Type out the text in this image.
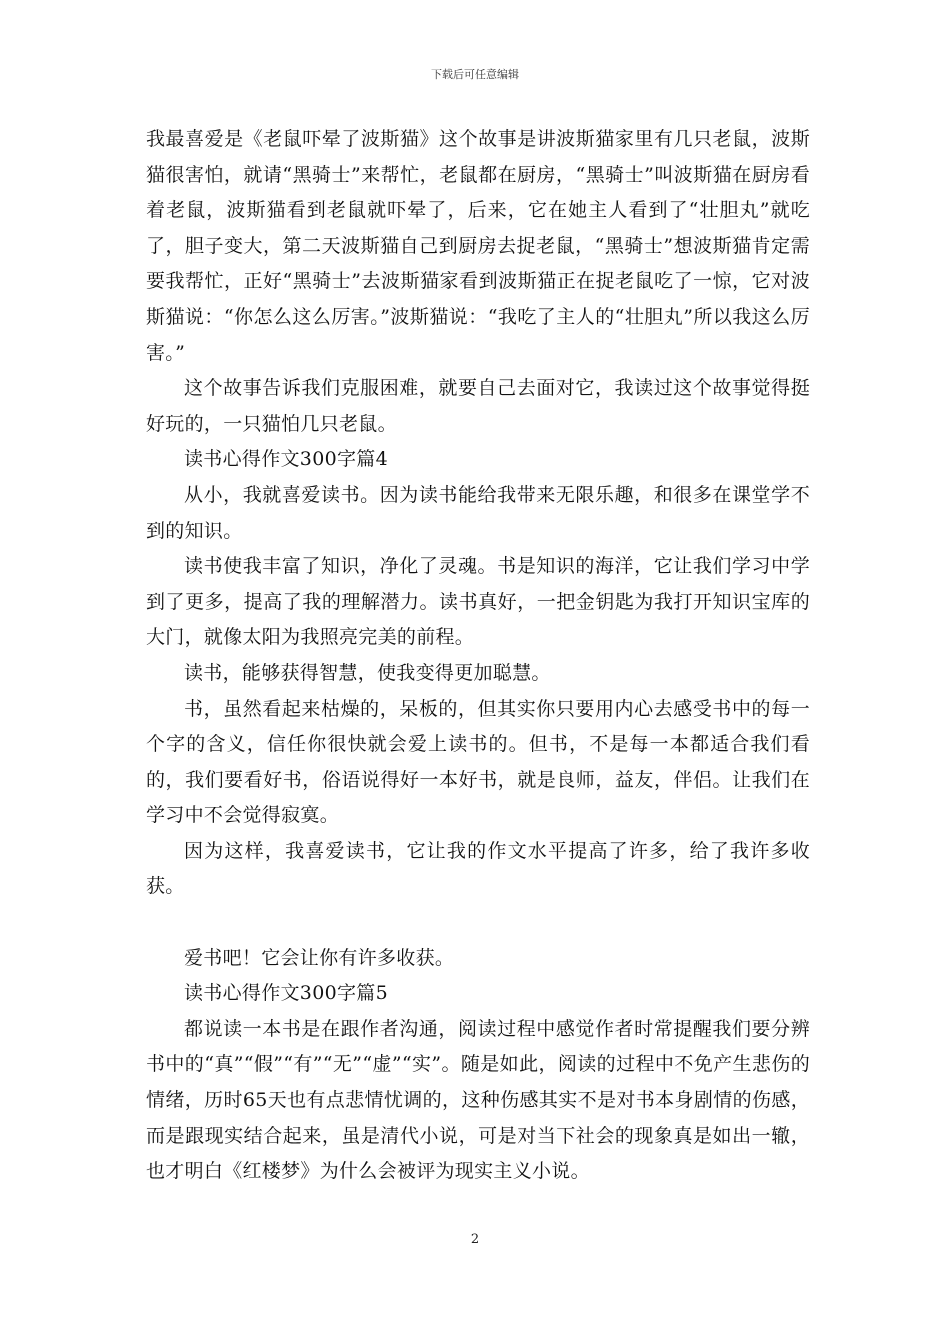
下载后可任意编辑

我最喜爱是《老鼠吓晕了波斯猫》这个故事是讲波斯猫家里有几只老鼠，波斯猫很害怕，就请“黑骑士”来帮忙，老鼠都在厨房，“黑骑士”叫波斯猫在厨房看着老鼠，波斯猫看到老鼠就吓晕了，后来，它在她主人看到了“壮胆丸”就吃了，胆子变大，第二天波斯猫自己到厨房去捉老鼠，“黑骑士”想波斯猫肯定需要我帮忙，正好“黑骑士”去波斯猫家看到波斯猫正在捉老鼠吃了一惊，它对波斯猫说：“你怎么这么厉害。”波斯猫说：“我吃了主人的“壮胆丸”所以我这么厉害。”

这个故事告诉我们克服困难，就要自己去面对它，我读过这个故事觉得挺好玩的，一只猫怕几只老鼠。

读书心得作文300字篇4

从小，我就喜爱读书。因为读书能给我带来无限乐趣，和很多在课堂学不到的知识。

读书使我丰富了知识，净化了灵魂。书是知识的海洋，它让我们学习中学到了更多，提高了我的理解潜力。读书真好，一把金钥匙为我打开知识宝库的大门，就像太阳为我照亮完美的前程。

读书，能够获得智慧，使我变得更加聪慧。

书，虽然看起来枯燥的，呆板的，但其实你只要用内心去感受书中的每一个字的含义，信任你很快就会爱上读书的。但书，不是每一本都适合我们看的，我们要看好书，俗语说得好一本好书，就是良师，益友，伴侣。让我们在学习中不会觉得寂寞。

因为这样，我喜爱读书，它让我的作文水平提高了许多，给了我许多收获。

爱书吧！它会让你有许多收获。

读书心得作文300字篇5

都说读一本书是在跟作者沟通，阅读过程中感觉作者时常提醒我们要分辨书中的“真”“假”“有”“无”“虚”“实”。随是如此，阅读的过程中不免产生悲伤的情绪，历时65天也有点悲情忧调的，这种伤感其实不是对书本身剧情的伤感，而是跟现实结合起来，虽是清代小说，可是对当下社会的现象真是如出一辙，也才明白《红楼梦》为什么会被评为现实主义小说。

2
